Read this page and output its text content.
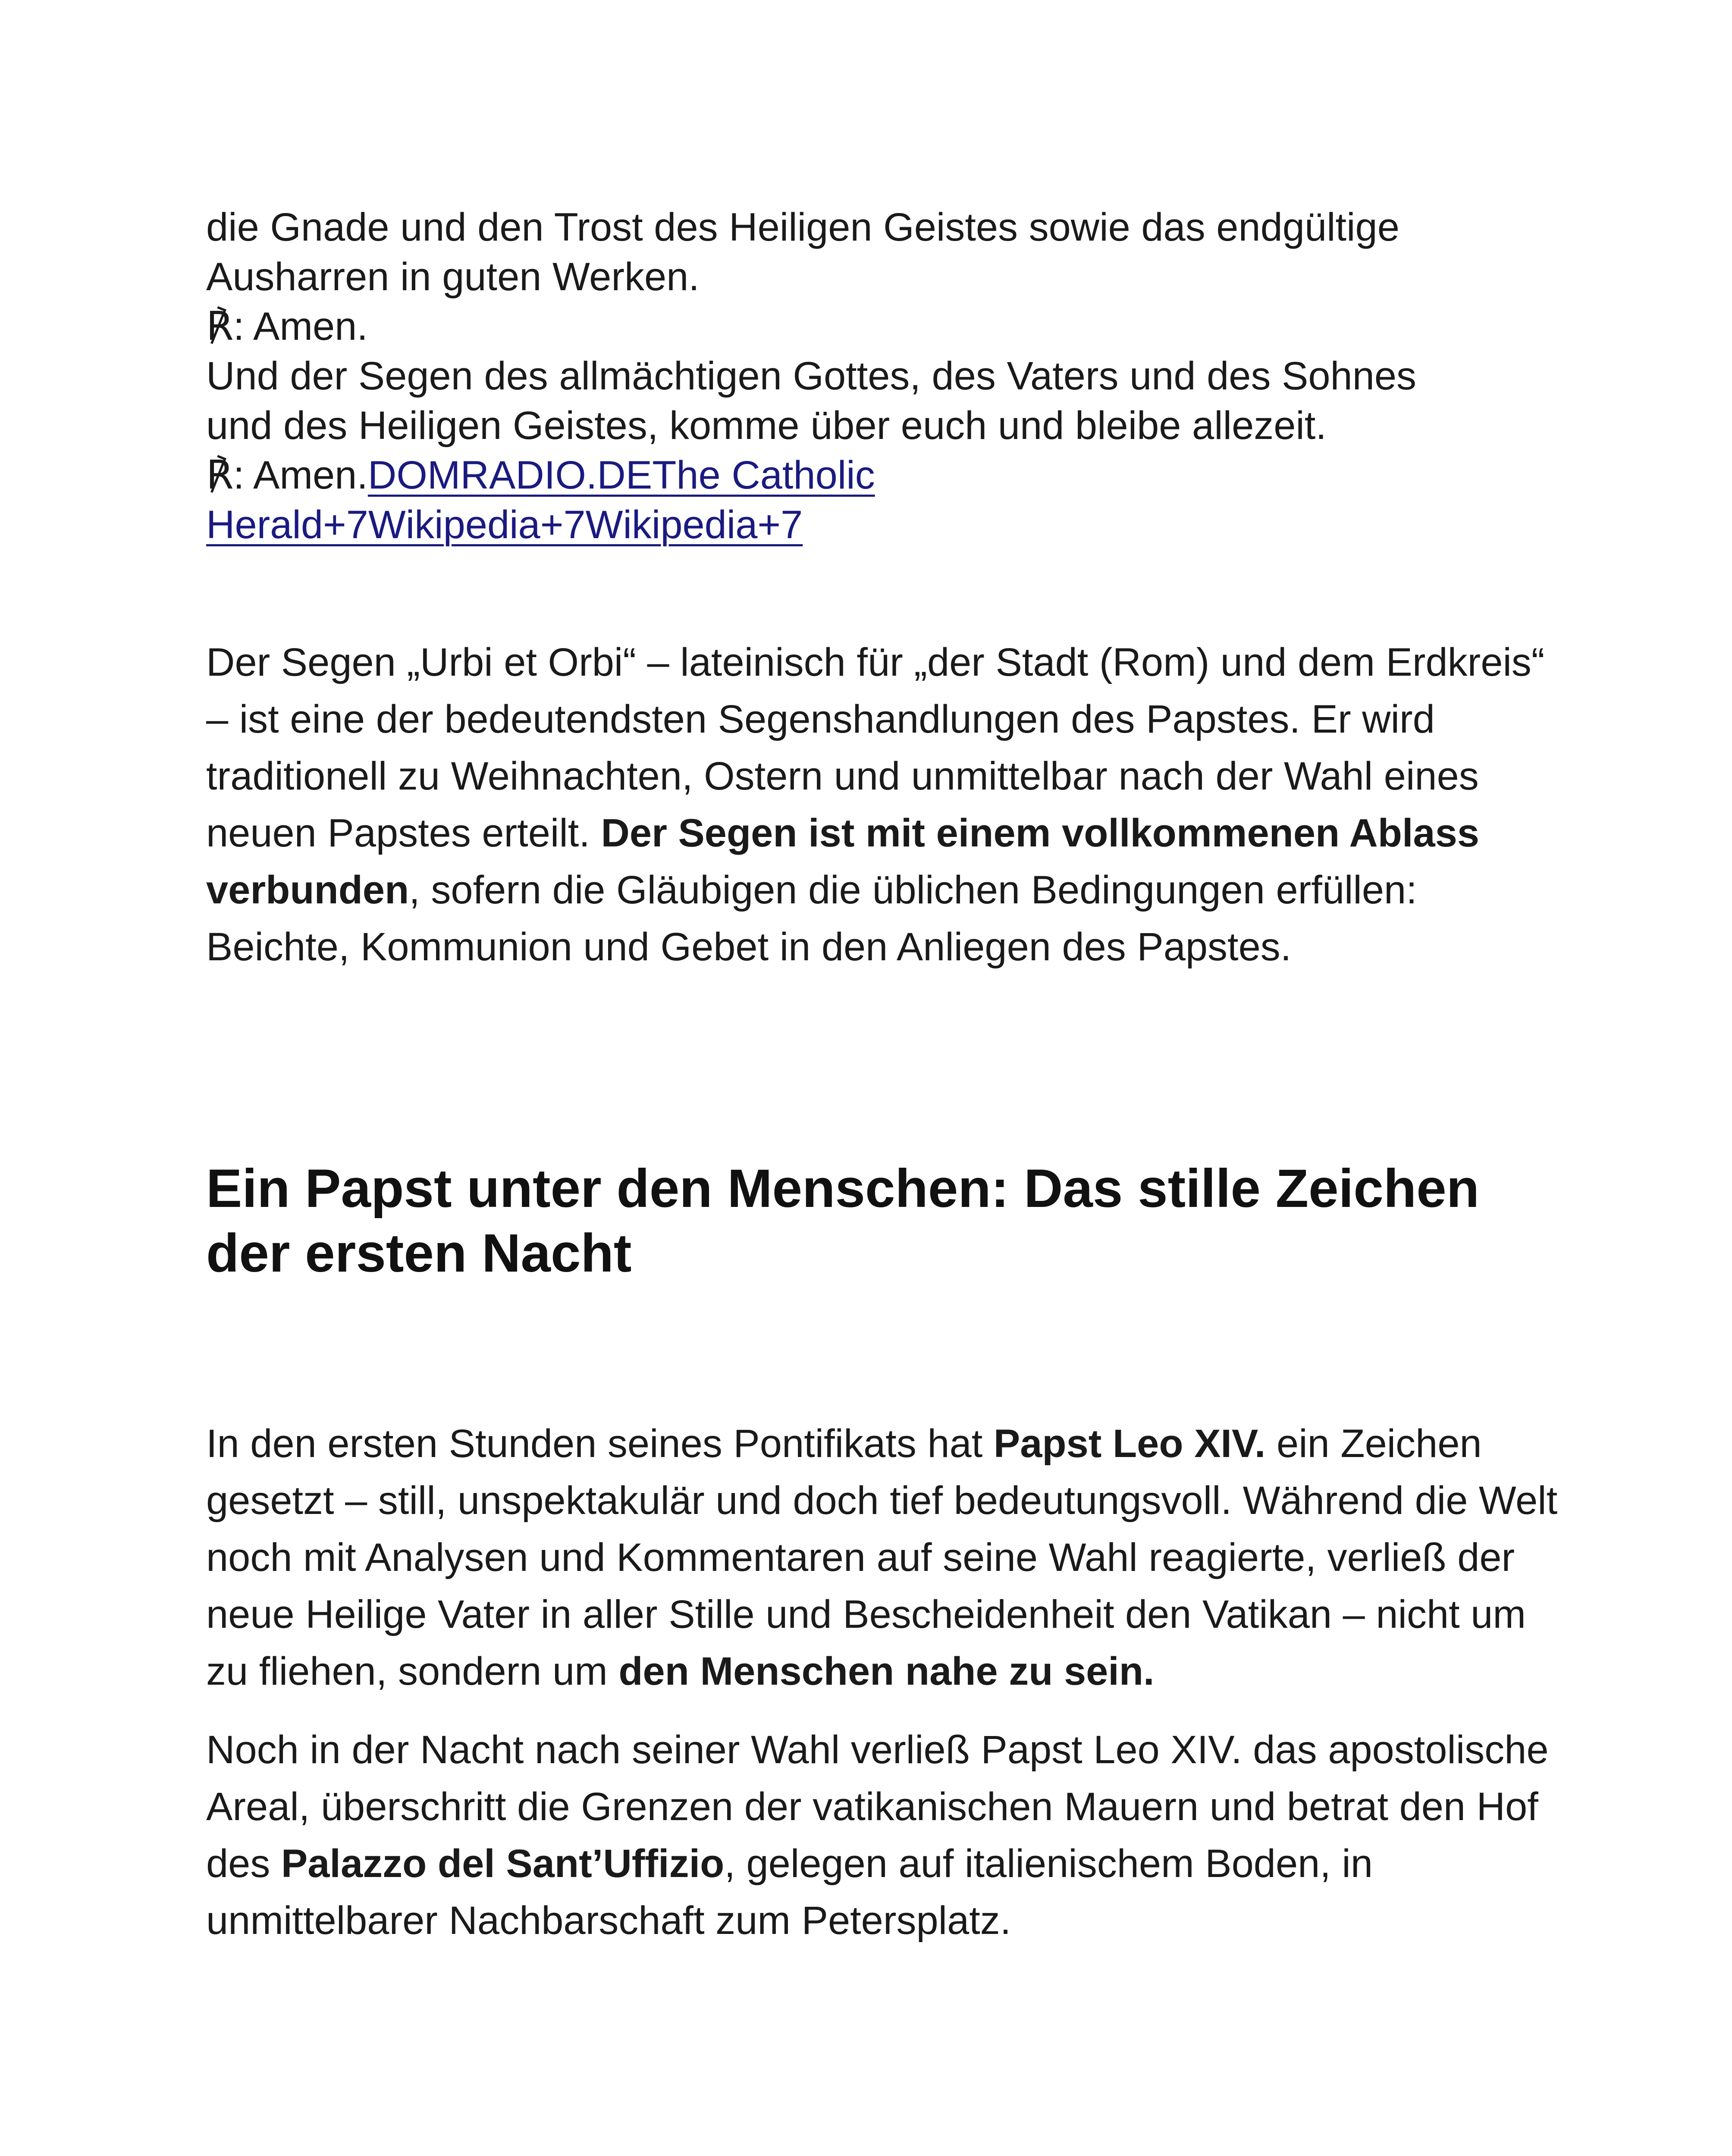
die Gnade und den Trost des Heiligen Geistes sowie das endgültige

Ausharren in guten Werken.

℟: Amen.

Und der Segen des allmächtigen Gottes, des Vaters und des Sohnes

und des Heiligen Geistes, komme über euch und bleibe allezeit.

℟: Amen.DOMRADIO.DEThe Catholic
Herald+7Wikipedia+7Wikipedia+7

Der Segen „Urbi et Orbi“ – lateinisch für „der Stadt (Rom) und dem Erdkreis“ – ist eine der bedeutendsten Segenshandlungen des Papstes. Er wird traditionell zu Weihnachten, Ostern und unmittelbar nach der Wahl eines neuen Papstes erteilt. Der Segen ist mit einem vollkommenen Ablass verbunden, sofern die Gläubigen die üblichen Bedingungen erfüllen: Beichte, Kommunion und Gebet in den Anliegen des Papstes.

Ein Papst unter den Menschen: Das stille Zeichen der ersten Nacht

In den ersten Stunden seines Pontifikats hat Papst Leo XIV. ein Zeichen gesetzt – still, unspektakulär und doch tief bedeutungsvoll. Während die Welt noch mit Analysen und Kommentaren auf seine Wahl reagierte, verließ der neue Heilige Vater in aller Stille und Bescheidenheit den Vatikan – nicht um zu fliehen, sondern um den Menschen nahe zu sein.

Noch in der Nacht nach seiner Wahl verließ Papst Leo XIV. das apostolische Areal, überschritt die Grenzen der vatikanischen Mauern und betrat den Hof des Palazzo del Sant’Uffizio, gelegen auf italienischem Boden, in unmittelbarer Nachbarschaft zum Petersplatz.
